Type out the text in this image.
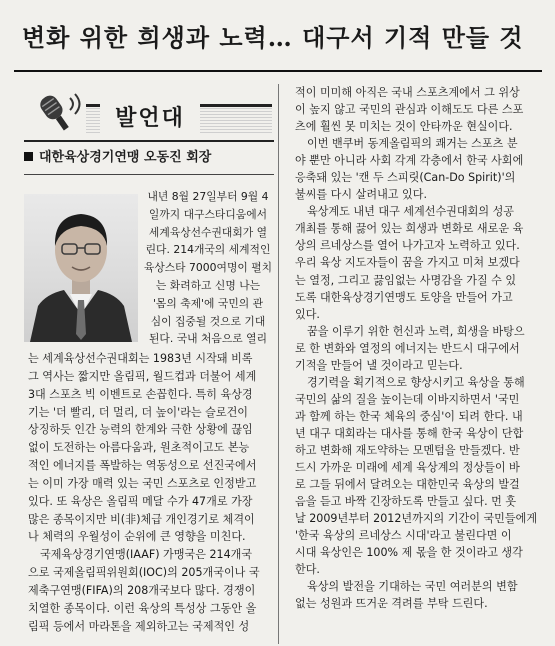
변화 위한 희생과 노력… 대구서 기적 만들 것
발언대
대한육상경기연맹 오동진 회장

내년 8월 27일부터 9월 4

일까지 대구스타디움에서

세계육상선수권대회가 열

린다. 214개국의 세계적인

육상스타 7000여명이 펼치

는 화려하고 신명 나는

'몸의 축제'에 국민의 관

심이 집중될 것으로 기대

된다. 국내 처음으로 열리

는 세계육상선수권대회는 1983년 시작돼 비록

그 역사는 짧지만 올림픽, 월드컵과 더불어 세계

3대 스포츠 빅 이벤트로 손꼽힌다. 특히 육상경

기는 '더 빨리, 더 멀리, 더 높이'라는 슬로건이

상징하듯 인간 능력의 한계와 극한 상황에 끊임

없이 도전하는 아름다움과, 원초적이고도 본능

적인 에너지를 폭발하는 역동성으로 선진국에서

는 이미 가장 매력 있는 국민 스포츠로 인정받고

있다. 또 육상은 올림픽 메달 수가 47개로 가장

많은 종목이지만 비(非)체급 개인경기로 체격이

나 체력의 우월성이 순위에 큰 영향을 미친다.

국제육상경기연맹(IAAF) 가맹국은 214개국

으로 국제올림픽위원회(IOC)의 205개국이나 국

제축구연맹(FIFA)의 208개국보다 많다. 경쟁이

치열한 종목이다. 이런 육상의 특성상 그동안 올

림픽 등에서 마라톤을 제외하고는 국제적인 성

적이 미미해 아직은 국내 스포츠계에서 그 위상

이 높지 않고 국민의 관심과 이해도도 다른 스포

츠에 훨씬 못 미치는 것이 안타까운 현실이다.

이번 밴쿠버 동계올림픽의 쾌거는 스포츠 분

야 뿐만 아니라 사회 각계 각층에서 한국 사회에

응축돼 있는 '캔 두 스피릿(Can-Do Spirit)'의

불씨를 다시 살려내고 있다.

육상계도 내년 대구 세계선수권대회의 성공

개최를 통해 끓어 있는 희생과 변화로 새로운 육

상의 르네상스를 열어 나가고자 노력하고 있다.

우리 육상 지도자들이 꿈을 가지고 미쳐 보겠다

는 열정, 그리고 끓임없는 사명감을 가질 수 있

도록 대한육상경기연맹도 토양을 만들어 가고

있다.

꿈을 이루기 위한 헌신과 노력, 희생을 바탕으

로 한 변화와 열정의 에너지는 반드시 대구에서

기적을 만들어 낼 것이라고 믿는다.

경기력을 획기적으로 향상시키고 육상을 통해

국민의 삶의 질을 높이는데 이바지하면서 '국민

과 함께 하는 한국 체육의 중심'이 되려 한다. 내

년 대구 대회라는 대사를 통해 한국 육상이 단합

하고 변화해 재도약하는 모멘텀을 만들겠다. 반

드시 가까운 미래에 세계 육상계의 정상들이 바

로 그들 뒤에서 달려오는 대한민국 육상의 발걸

음을 듣고 바짝 긴장하도록 만들고 싶다. 먼 훗

날 2009년부터 2012년까지의 기간이 국민들에게

'한국 육상의 르네상스 시대'라고 불린다면 이

시대 육상인은 100% 제 몫을 한 것이라고 생각

한다.

육상의 발전을 기대하는 국민 여러분의 변함

없는 성원과 뜨거운 격려를 부탁 드린다.
